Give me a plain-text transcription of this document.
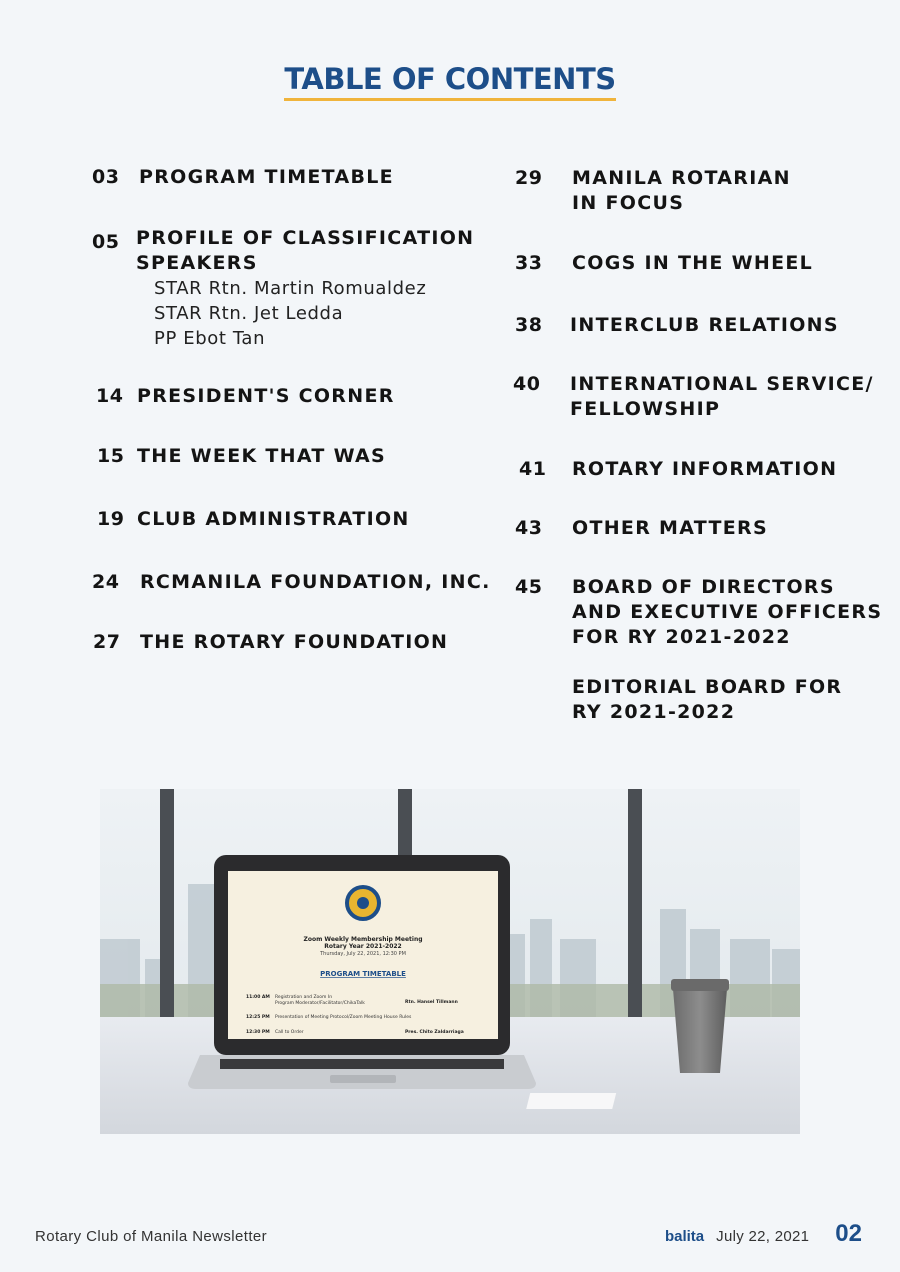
TABLE OF CONTENTS
03 PROGRAM TIMETABLE
05 PROFILE OF CLASSIFICATION
SPEAKERS
STAR Rtn. Martin Romualdez
STAR Rtn. Jet Ledda
PP Ebot Tan
14 PRESIDENT'S CORNER
15 THE WEEK THAT WAS
19 CLUB ADMINISTRATION
24 RCMANILA FOUNDATION, INC.
27 THE ROTARY FOUNDATION
29 MANILA ROTARIAN
IN FOCUS
33 COGS IN THE WHEEL
38 INTERCLUB RELATIONS
40 INTERNATIONAL SERVICE/
FELLOWSHIP
41 ROTARY INFORMATION
43 OTHER MATTERS
45 BOARD OF DIRECTORS
AND EXECUTIVE OFFICERS
FOR RY 2021-2022
EDITORIAL BOARD FOR
RY 2021-2022
Zoom Weekly Membership Meeting
Rotary Year 2021-2022
Thursday, July 22, 2021, 12:30 PM
PROGRAM TIMETABLE
11:00 AM Registration and Zoom In
Program Moderator/Facilitator/ChikaTalk	Rtn. Hansel Tillmann
12:25 PM Presentation of Meeting Protocol/Zoom Meeting House Rules
12:30 PM Call to Order	Pres. Chito Zaldarriaga
Rotary Club of Manila Newsletter	balita July 22, 2021 02
